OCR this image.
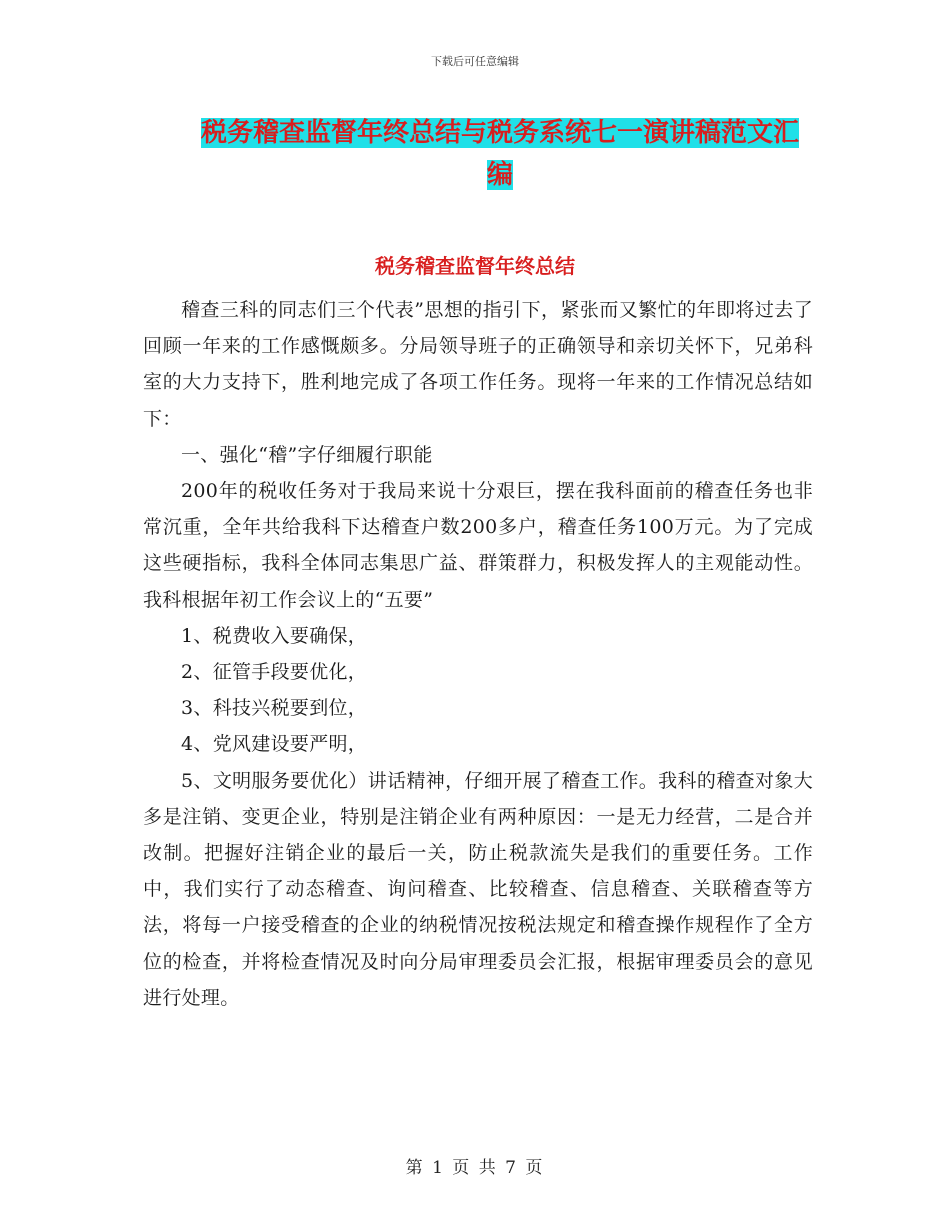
下载后可任意编辑
税务稽查监督年终总结与税务系统七一演讲稿范文汇编
税务稽查监督年终总结

稽查三科的同志们三个代表”思想的指引下，紧张而又繁忙的年即将过去了回顾一年来的工作感慨颇多。分局领导班子的正确领导和亲切关怀下，兄弟科室的大力支持下，胜利地完成了各项工作任务。现将一年来的工作情况总结如下：

一、强化“稽”字仔细履行职能

200年的税收任务对于我局来说十分艰巨，摆在我科面前的稽查任务也非常沉重，全年共给我科下达稽查户数200多户，稽查任务100万元。为了完成这些硬指标，我科全体同志集思广益、群策群力，积极发挥人的主观能动性。我科根据年初工作会议上的“五要”

1、税费收入要确保，

2、征管手段要优化，

3、科技兴税要到位，

4、党风建设要严明，

5、文明服务要优化）讲话精神，仔细开展了稽查工作。我科的稽查对象大多是注销、变更企业，特别是注销企业有两种原因：一是无力经营，二是合并改制。把握好注销企业的最后一关，防止税款流失是我们的重要任务。工作中，我们实行了动态稽查、询问稽查、比较稽查、信息稽查、关联稽查等方法，将每一户接受稽查的企业的纳税情况按税法规定和稽查操作规程作了全方位的检查，并将检查情况及时向分局审理委员会汇报，根据审理委员会的意见进行处理。

第 1 页 共 7 页
